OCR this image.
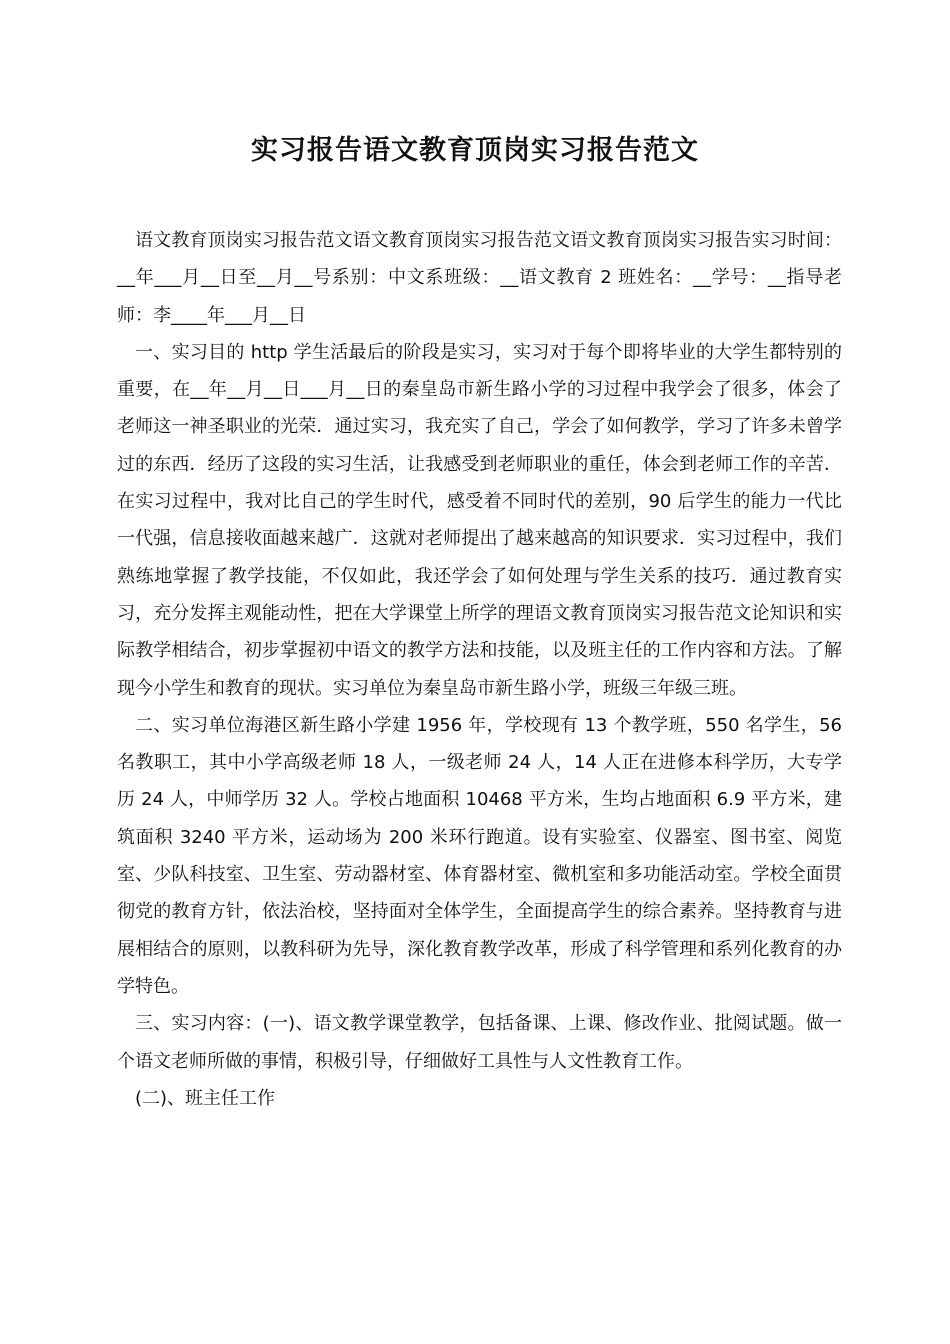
实习报告语文教育顶岗实习报告范文

语文教育顶岗实习报告范文语文教育顶岗实习报告范文语文教育顶岗实习报告实习时间：__年___月__日至__月__号系别：中文系班级：__语文教育 2 班姓名：__学号：__指导老师：李____年___月__日

一、实习目的 http 学生活最后的阶段是实习，实习对于每个即将毕业的大学生都特别的重要，在__年__月__日___月__日的秦皇岛市新生路小学的习过程中我学会了很多，体会了老师这一神圣职业的光荣．通过实习，我充实了自己，学会了如何教学，学习了许多未曾学过的东西．经历了这段的实习生活，让我感受到老师职业的重任，体会到老师工作的辛苦．在实习过程中，我对比自己的学生时代，感受着不同时代的差别，90 后学生的能力一代比一代强，信息接收面越来越广．这就对老师提出了越来越高的知识要求．实习过程中，我们熟练地掌握了教学技能，不仅如此，我还学会了如何处理与学生关系的技巧．通过教育实习，充分发挥主观能动性，把在大学课堂上所学的理语文教育顶岗实习报告范文论知识和实际教学相结合，初步掌握初中语文的教学方法和技能，以及班主任的工作内容和方法。了解现今小学生和教育的现状。实习单位为秦皇岛市新生路小学，班级三年级三班。

二、实习单位海港区新生路小学建 1956 年，学校现有 13 个教学班，550 名学生，56 名教职工，其中小学高级老师 18 人，一级老师 24 人，14 人正在进修本科学历，大专学历 24 人，中师学历 32 人。学校占地面积 10468 平方米，生均占地面积 6.9 平方米，建筑面积 3240 平方米，运动场为 200 米环行跑道。设有实验室、仪器室、图书室、阅览室、少队科技室、卫生室、劳动器材室、体育器材室、微机室和多功能活动室。学校全面贯彻党的教育方针，依法治校，坚持面对全体学生，全面提高学生的综合素养。坚持教育与进展相结合的原则，以教科研为先导，深化教育教学改革，形成了科学管理和系列化教育的办学特色。

三、实习内容：(一)、语文教学课堂教学，包括备课、上课、修改作业、批阅试题。做一个语文老师所做的事情，积极引导，仔细做好工具性与人文性教育工作。

(二)、班主任工作
